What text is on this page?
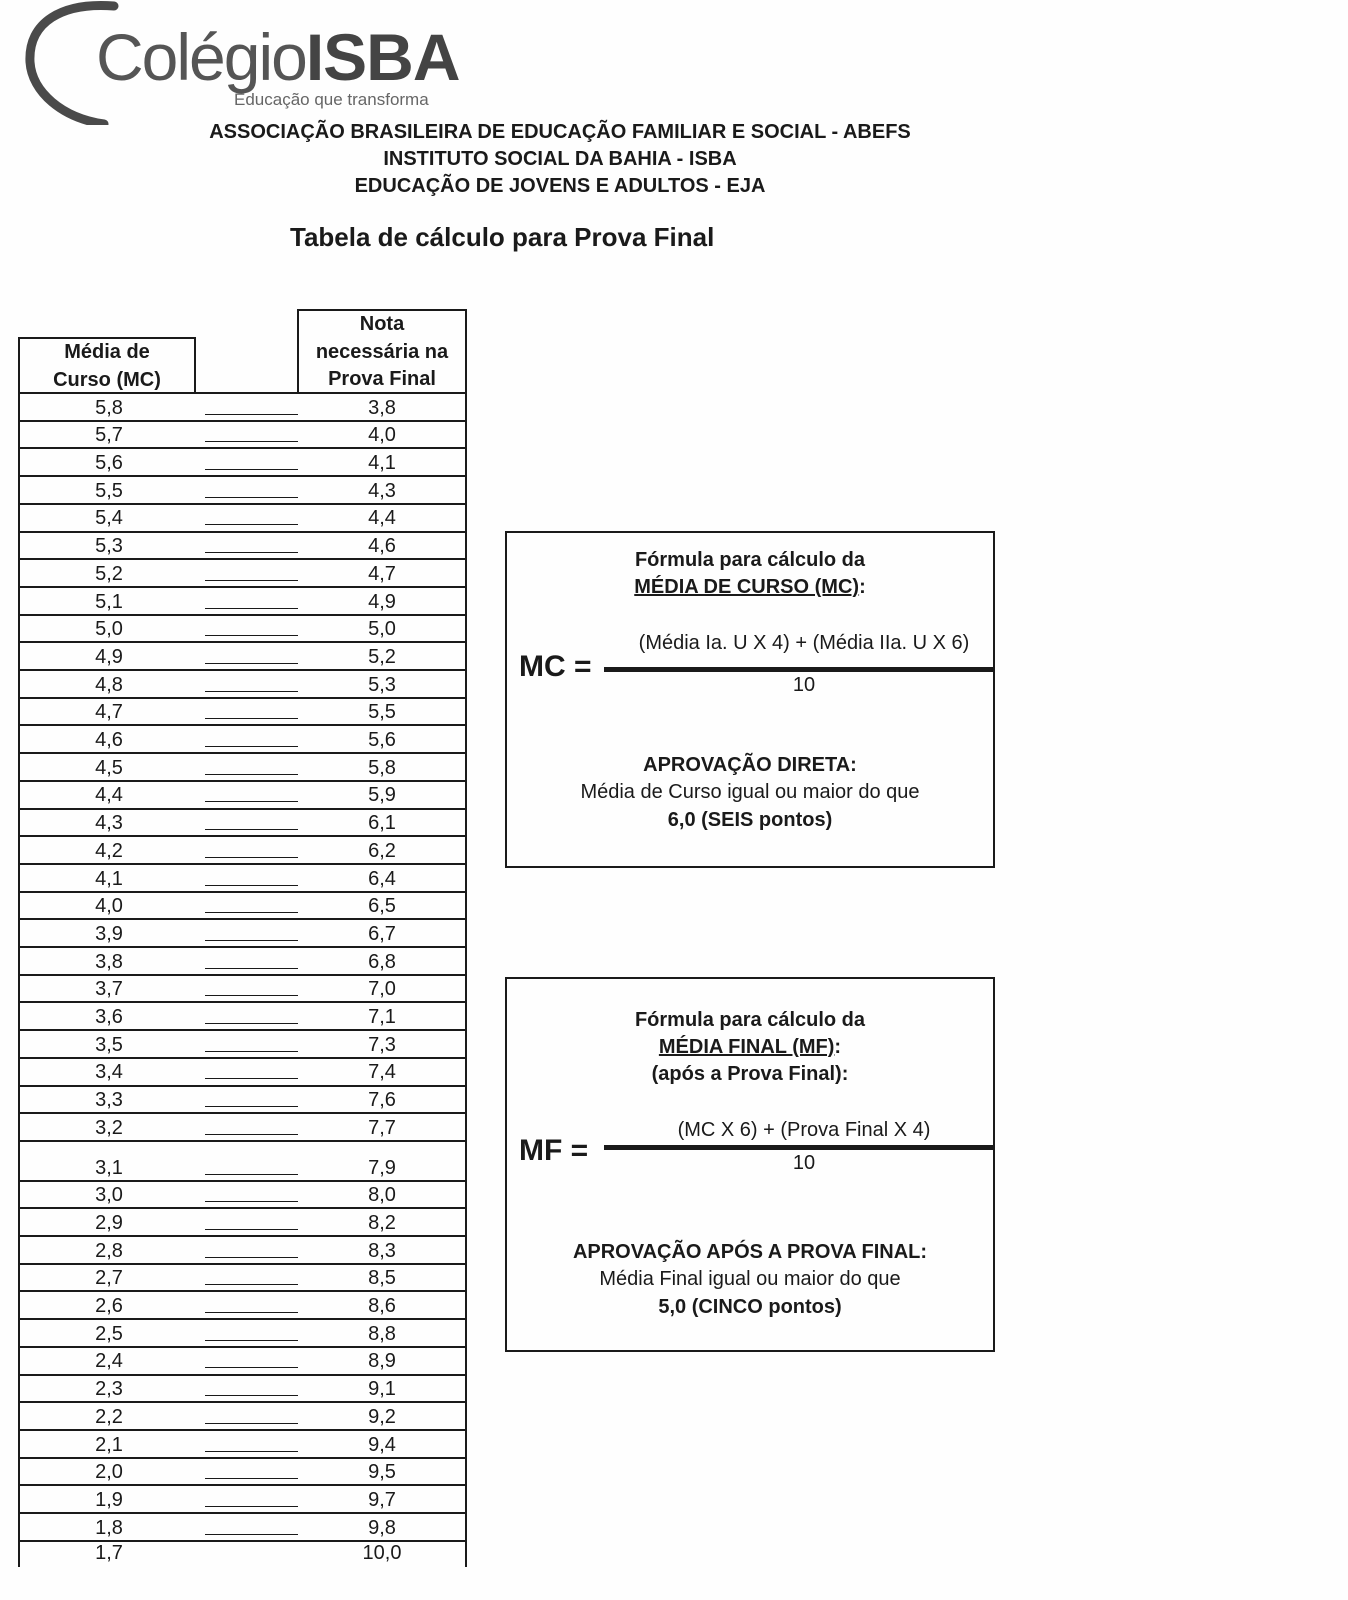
ColégioISBA
Educação que transforma
ASSOCIAÇÃO BRASILEIRA DE EDUCAÇÃO FAMILIAR E SOCIAL - ABEFS
INSTITUTO SOCIAL DA BAHIA - ISBA
EDUCAÇÃO DE JOVENS E ADULTOS - EJA
Tabela de cálculo para Prova Final
Média de
Curso (MC)
Nota
necessária na
Prova Final
5,8	3,8
5,7	4,0
5,6	4,1
5,5	4,3
5,4	4,4
5,3	4,6
5,2	4,7
5,1	4,9
5,0	5,0
4,9	5,2
4,8	5,3
4,7	5,5
4,6	5,6
4,5	5,8
4,4	5,9
4,3	6,1
4,2	6,2
4,1	6,4
4,0	6,5
3,9	6,7
3,8	6,8
3,7	7,0
3,6	7,1
3,5	7,3
3,4	7,4
3,3	7,6
3,2	7,7
3,1	7,9
3,0	8,0
2,9	8,2
2,8	8,3
2,7	8,5
2,6	8,6
2,5	8,8
2,4	8,9
2,3	9,1
2,2	9,2
2,1	9,4
2,0	9,5
1,9	9,7
1,8	9,8
1,7	10,0
Fórmula para cálculo da
MÉDIA DE CURSO (MC):
MC =
(Média Ia. U X 4) + (Média IIa. U X 6)
10
APROVAÇÃO DIRETA:
Média de Curso igual ou maior do que
6,0 (SEIS pontos)
Fórmula para cálculo da
MÉDIA FINAL (MF):
(após a Prova Final):
MF =
(MC X 6) + (Prova Final X 4)
10
APROVAÇÃO APÓS A PROVA FINAL:
Média Final igual ou maior do que
5,0 (CINCO pontos)
